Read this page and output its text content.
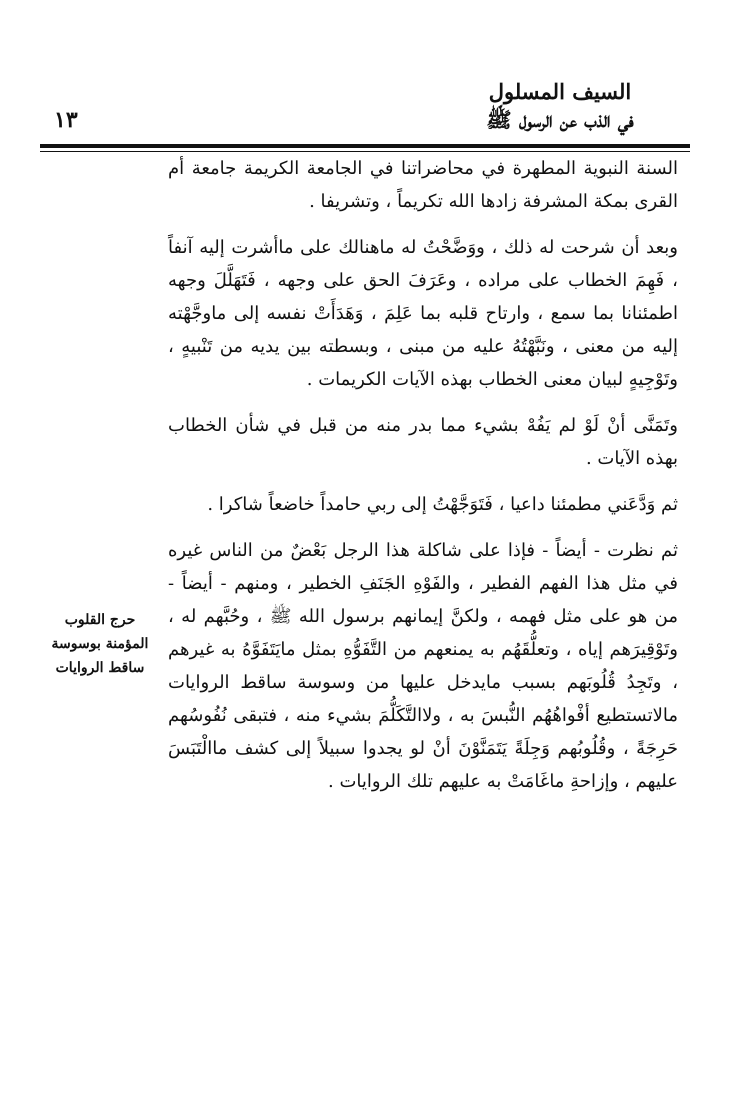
السيف المسلول
في الذب عن الرسول ﷺ
١٣

السنة النبوية المطهرة في محاضراتنا في الجامعة الكريمة جامعة أم القرى بمكة المشرفة زادها الله تكريماً ، وتشريفا .

وبعد أن شرحت له ذلك ، ووَضَّحْتُ له ماهنالك على ماأشرت إليه آنفاً ، فَهِمَ الخطاب على مراده ، وعَرَفَ الحق على وجهه ، فَتَهَلَّلَ وجهه اطمئنانا بما سمع ، وارتاح قلبه بما عَلِمَ ، وَهَدَأَتْ نفسه إلى ماوجَّهْته إليه من معنى ، ونَبَّهْتُهُ عليه من مبنى ، وبسطته بين يديه من تَنْبيهٍ ، وتَوْجِيهٍ لبيان معنى الخطاب بهذه الآيات الكريمات .

وتَمَنَّى أنْ لَوْ لم يَفُهْ بشيء مما بدر منه من قبل في شأن الخطاب بهذه الآيات .

ثم وَدَّعَني مطمئنا داعيا ، فَتَوَجَّهْتُ إلى ربي حامداً خاضعاً شاكرا .

ثم نظرت - أيضاً - فإذا على شاكلة هذا الرجل بَعْضٌ من الناس غيره في مثل هذا الفهم الفطير ، والفَوْهِ الجَنَفِ الخطير ، ومنهم - أيضاً - من هو على مثل فهمه ، ولكنَّ إيمانهم برسول الله ﷺ ، وحُبَّهم له ، وتَوْقِيرَهم إياه ، وتعلُّقَهُم به يمنعهم من التَّفَوُّهِ بمثل مايَتَفَوَّهُ به غيرهم ، وتَجِدُ قُلُوبَهم بسبب مايدخل عليها من وسوسة ساقط الروايات مالاتستطيع أفْواهُهُم النُّبسَ به ، ولاالتَّكَلُّمَ بشيء منه ، فتبقى نُفُوسُهم حَرِجَةً ، وقُلُوبُهم وَجِلَةً يَتَمَنَّوْنَ أنْ لو يجدوا سبيلاً إلى كشف ماالْتَبَسَ عليهم ، وإزاحةِ ماغَامَتْ به عليهم تلك الروايات .

حرج القلوب
المؤمنة بوسوسة
ساقط الروايات
